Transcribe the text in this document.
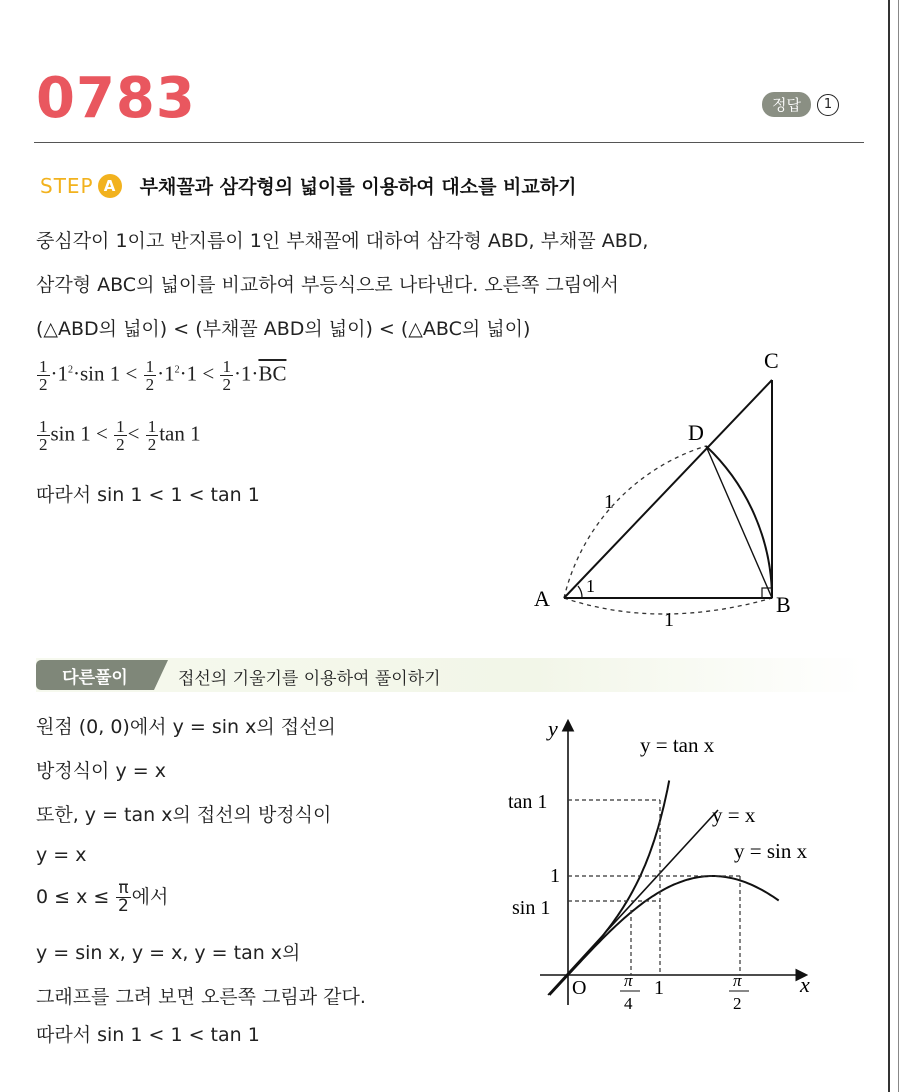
0783	정답	1
STEP A	부채꼴과 삼각형의 넓이를 이용하여 대소를 비교하기
중심각이 1이고 반지름이 1인 부채꼴에 대하여 삼각형 ABD, 부채꼴 ABD,
삼각형 ABC의 넓이를 비교하여 부등식으로 나타낸다. 오른쪽 그림에서
(△ABD의 넓이) < (부채꼴 ABD의 넓이) < (△ABC의 넓이)
$\frac{1}{2} \cdot 1^2\cdot\sin$ $1 < \frac{1}{2} \cdot 1^2\cdot 1 < \frac{1}{2} \cdot 1\cdot\overline{BC}$
$\frac{1}{2}$ $\sin 1 < \frac{1}{2} < \frac{1}{2}$ tan 1
따라서 sin 1 < 1 < tan 1
A	B
C
D
1
1
1
다른풀이	접선의 기울기를 이용하여 풀이하기
원점 (0, 0)에서 y = sin x의 접선의
방정식이 y = x
또한, y = tan x의 접선의 방정식이
y = x
$0 \le x \le \frac{\pi}{2}$ 에서
y = sin x, y = x, y = tan x의
그래프를 그려 보면 오른쪽 그림과 같다.
따라서 sin 1 < 1 < tan 1
y
x
O
y = tan x
y = x
y = sin x
tan 1
1
sin 1
1
π
4
π
2
